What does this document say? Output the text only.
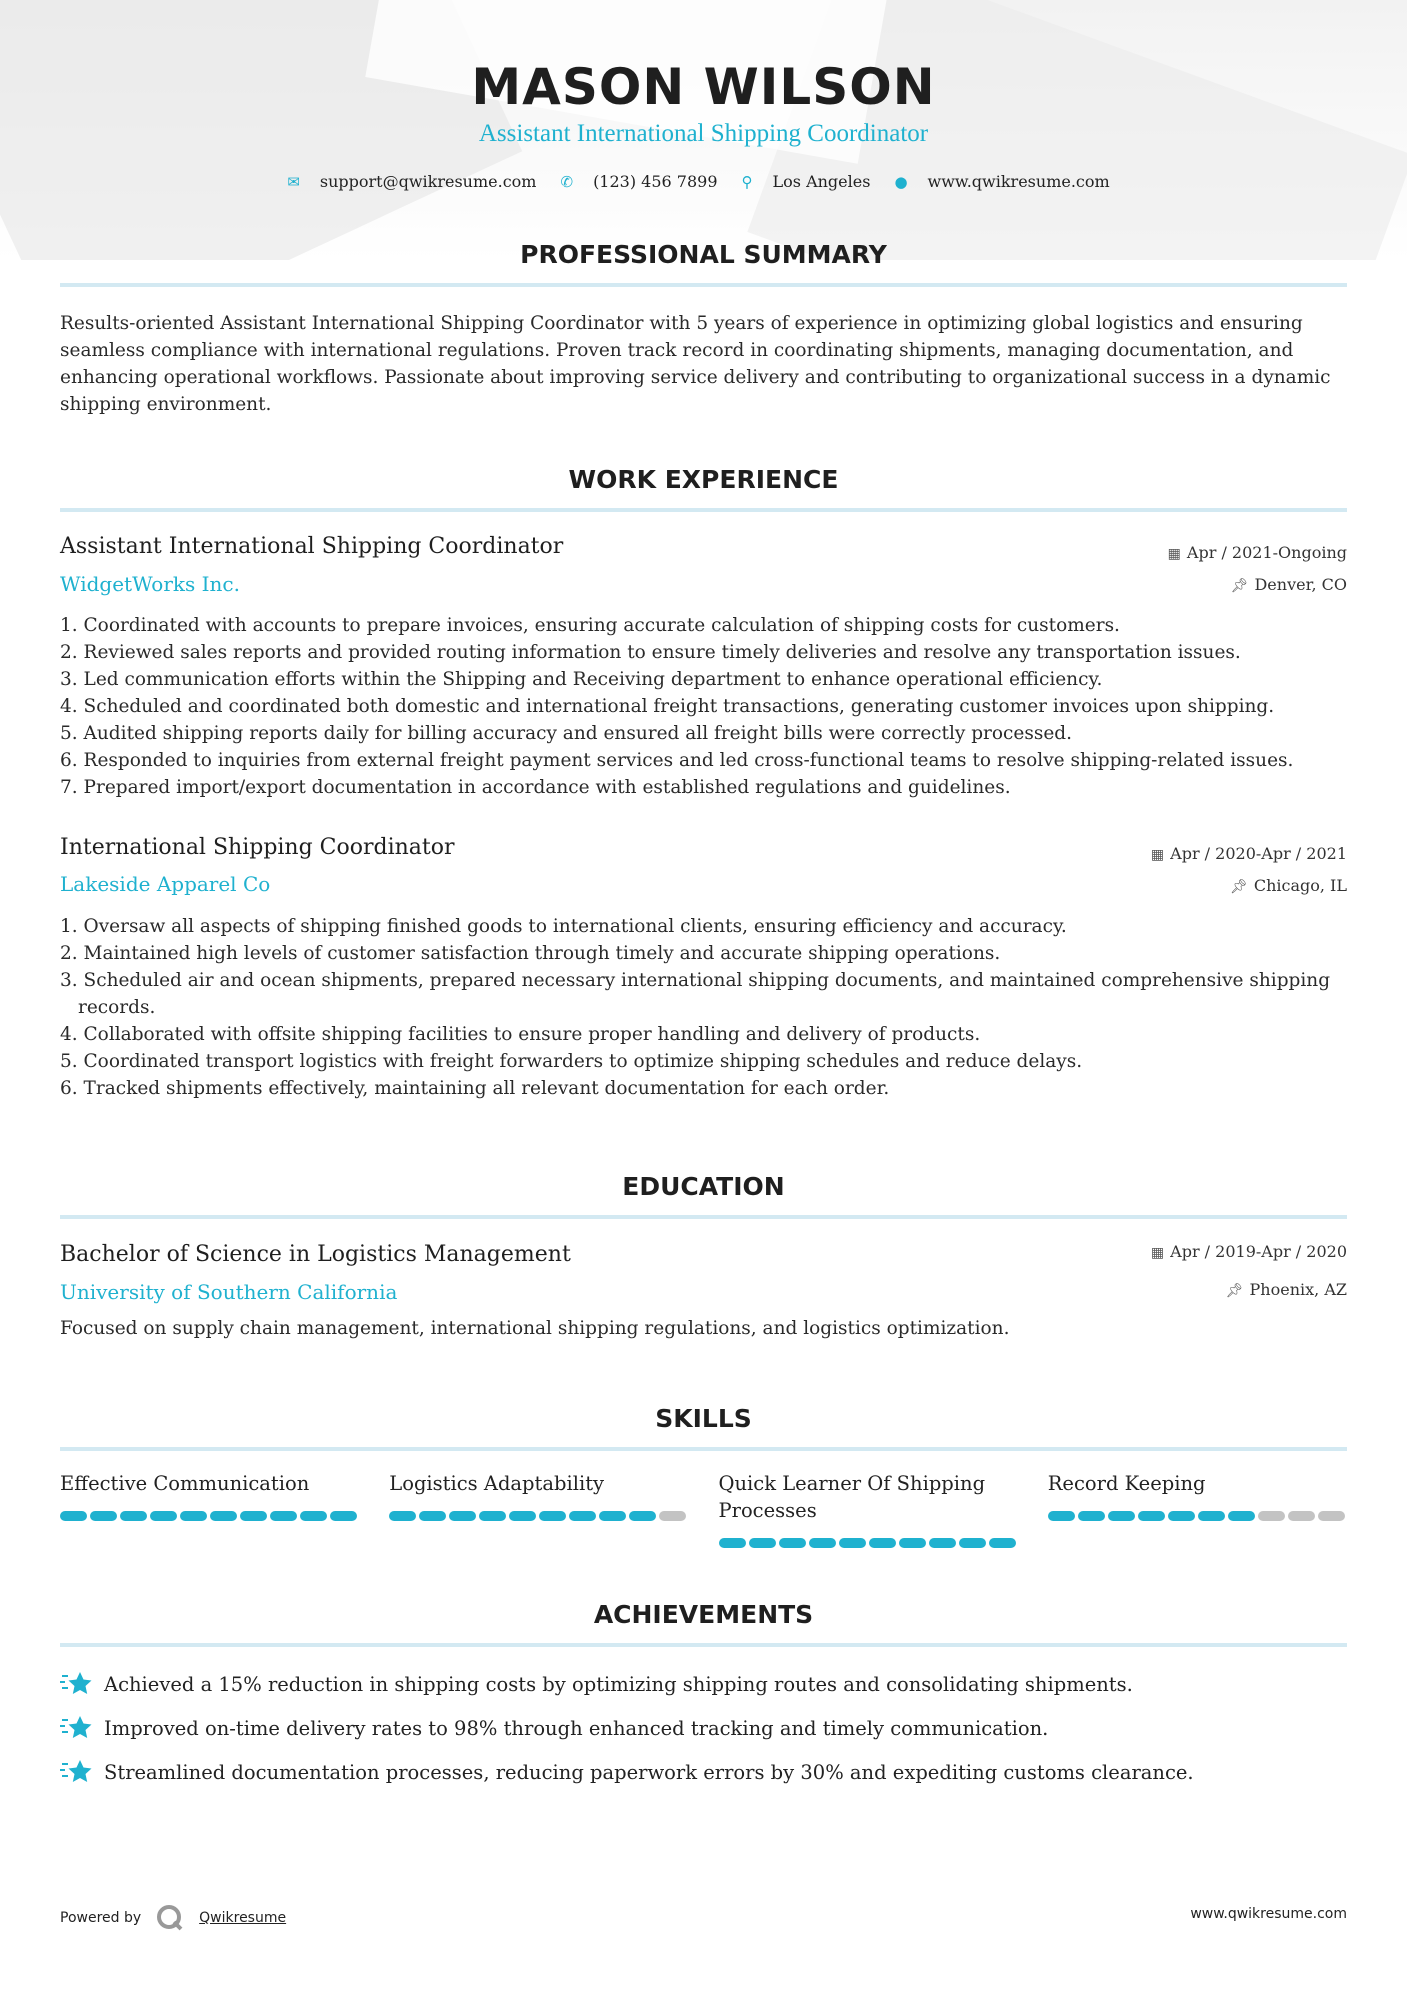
MASON WILSON
Assistant International Shipping Coordinator
✉ support@qwikresume.com ✆ (123) 456 7899 ⚲ Los Angeles ● www.qwikresume.com
PROFESSIONAL SUMMARY
Results-oriented Assistant International Shipping Coordinator with 5 years of experience in optimizing global logistics and ensuring seamless compliance with international regulations. Proven track record in coordinating shipments, managing documentation, and enhancing operational workflows. Passionate about improving service delivery and contributing to organizational success in a dynamic shipping environment.
WORK EXPERIENCE
Assistant International Shipping Coordinator	▦ Apr / 2021-Ongoing
WidgetWorks Inc.	📌︎ Denver, CO
1. Coordinated with accounts to prepare invoices, ensuring accurate calculation of shipping costs for customers.
2. Reviewed sales reports and provided routing information to ensure timely deliveries and resolve any transportation issues.
3. Led communication efforts within the Shipping and Receiving department to enhance operational efficiency.
4. Scheduled and coordinated both domestic and international freight transactions, generating customer invoices upon shipping.
5. Audited shipping reports daily for billing accuracy and ensured all freight bills were correctly processed.
6. Responded to inquiries from external freight payment services and led cross-functional teams to resolve shipping-related issues.
7. Prepared import/export documentation in accordance with established regulations and guidelines.
International Shipping Coordinator	▦ Apr / 2020-Apr / 2021
Lakeside Apparel Co	📌︎ Chicago, IL
1. Oversaw all aspects of shipping finished goods to international clients, ensuring efficiency and accuracy.
2. Maintained high levels of customer satisfaction through timely and accurate shipping operations.
3. Scheduled air and ocean shipments, prepared necessary international shipping documents, and maintained comprehensive shipping records.
4. Collaborated with offsite shipping facilities to ensure proper handling and delivery of products.
5. Coordinated transport logistics with freight forwarders to optimize shipping schedules and reduce delays.
6. Tracked shipments effectively, maintaining all relevant documentation for each order.
EDUCATION
Bachelor of Science in Logistics Management	▦ Apr / 2019-Apr / 2020
University of Southern California	📌︎ Phoenix, AZ
Focused on supply chain management, international shipping regulations, and logistics optimization.
SKILLS
Effective Communication	Logistics Adaptability	Quick Learner Of Shipping Processes
Record Keeping
ACHIEVEMENTS
Achieved a 15% reduction in shipping costs by optimizing shipping routes and consolidating shipments.
Improved on-time delivery rates to 98% through enhanced tracking and timely communication.
Streamlined documentation processes, reducing paperwork errors by 30% and expediting customs clearance.
Powered by	Qwikresume	www.qwikresume.com
